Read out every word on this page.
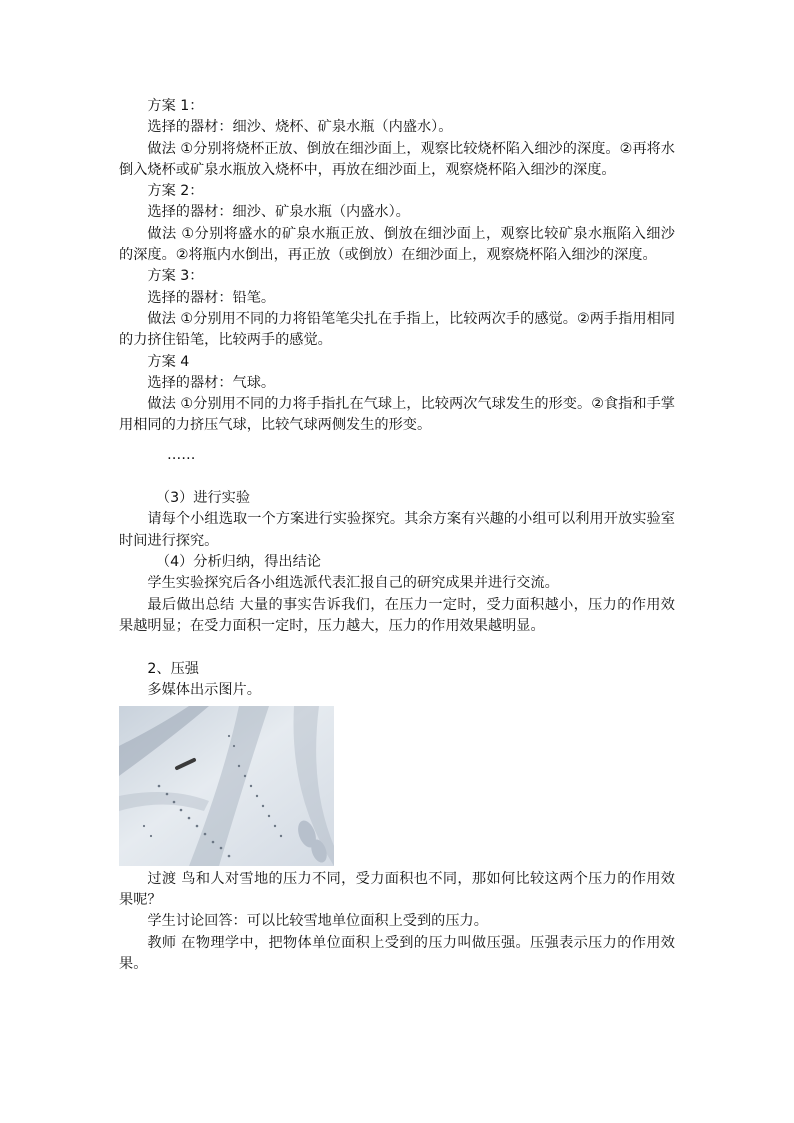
方案 1：

选择的器材：细沙、烧杯、矿泉水瓶（内盛水）。

做法 ①分别将烧杯正放、倒放在细沙面上，观察比较烧杯陷入细沙的深度。②再将水倒入烧杯或矿泉水瓶放入烧杯中，再放在细沙面上，观察烧杯陷入细沙的深度。

方案 2：

选择的器材：细沙、矿泉水瓶（内盛水）。

做法 ①分别将盛水的矿泉水瓶正放、倒放在细沙面上，观察比较矿泉水瓶陷入细沙的深度。②将瓶内水倒出，再正放（或倒放）在细沙面上，观察烧杯陷入细沙的深度。

方案 3：

选择的器材：铅笔。

做法 ①分别用不同的力将铅笔笔尖扎在手指上，比较两次手的感觉。②两手指用相同的力挤住铅笔，比较两手的感觉。

方案 4

选择的器材：气球。

做法 ①分别用不同的力将手指扎在气球上，比较两次气球发生的形变。②食指和手掌用相同的力挤压气球，比较气球两侧发生的形变。

……

（3）进行实验

请每个小组选取一个方案进行实验探究。其余方案有兴趣的小组可以利用开放实验室时间进行探究。

（4）分析归纳，得出结论

学生实验探究后各小组选派代表汇报自己的研究成果并进行交流。

最后做出总结 大量的事实告诉我们，在压力一定时，受力面积越小，压力的作用效果越明显；在受力面积一定时，压力越大，压力的作用效果越明显。

2、压强

多媒体出示图片。

过渡 鸟和人对雪地的压力不同，受力面积也不同，那如何比较这两个压力的作用效果呢？

学生讨论回答：可以比较雪地单位面积上受到的压力。

教师 在物理学中，把物体单位面积上受到的压力叫做压强。压强表示压力的作用效果。
